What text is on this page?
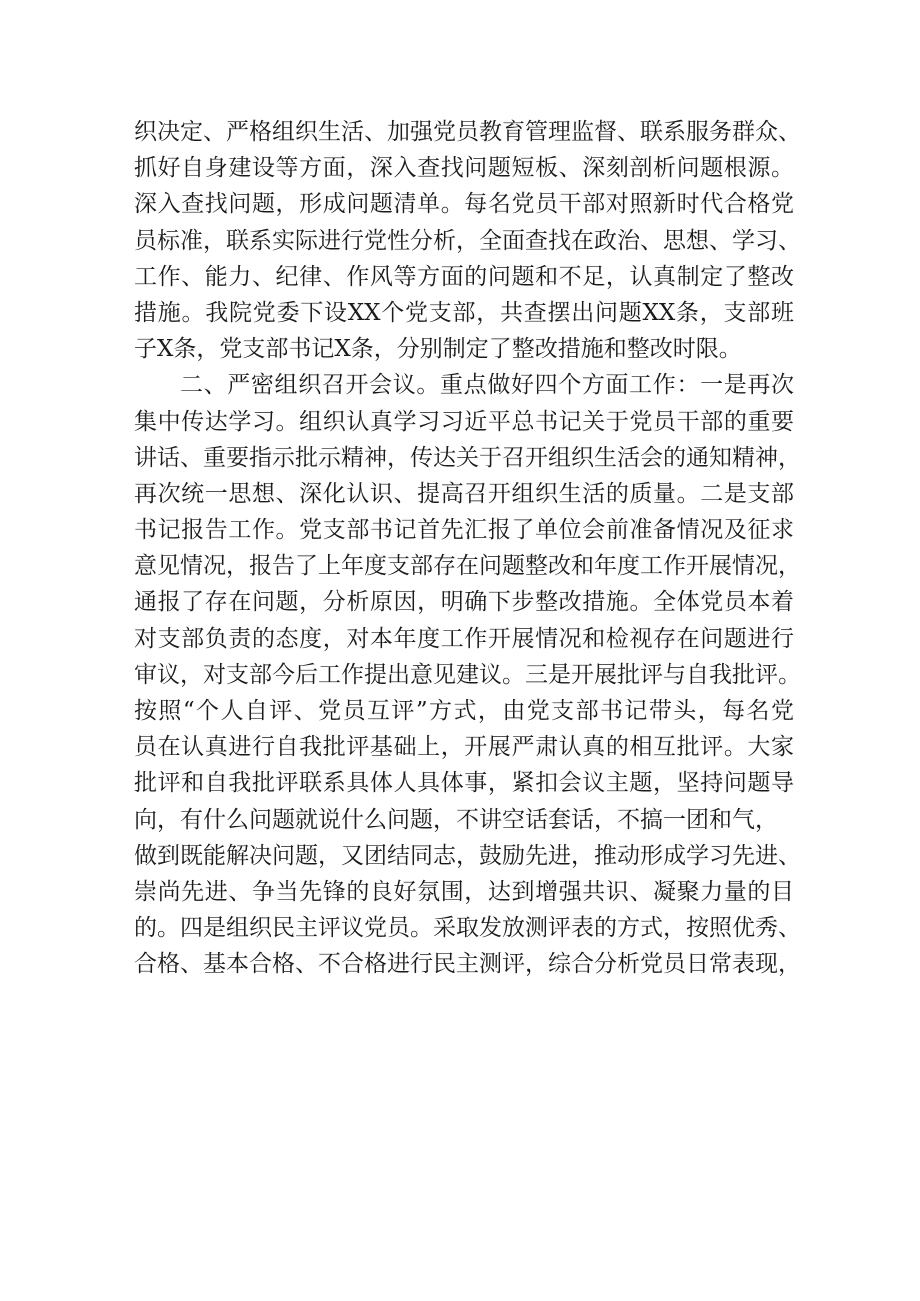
织决定、严格组织生活、加强党员教育管理监督、联系服务群众、
抓好自身建设等方面，深入查找问题短板、深刻剖析问题根源。
深入查找问题，形成问题清单。每名党员干部对照新时代合格党
员标准，联系实际进行党性分析，全面查找在政治、思想、学习、
工作、能力、纪律、作风等方面的问题和不足，认真制定了整改
措施。我院党委下设XX个党支部，共查摆出问题XX条，支部班
子X条，党支部书记X条，分别制定了整改措施和整改时限。
二、严密组织召开会议。重点做好四个方面工作：一是再次
集中传达学习。组织认真学习习近平总书记关于党员干部的重要
讲话、重要指示批示精神，传达关于召开组织生活会的通知精神，
再次统一思想、深化认识、提高召开组织生活的质量。二是支部
书记报告工作。党支部书记首先汇报了单位会前准备情况及征求
意见情况，报告了上年度支部存在问题整改和年度工作开展情况，
通报了存在问题，分析原因，明确下步整改措施。全体党员本着
对支部负责的态度，对本年度工作开展情况和检视存在问题进行
审议，对支部今后工作提出意见建议。三是开展批评与自我批评。
按照“个人自评、党员互评”方式，由党支部书记带头，每名党
员在认真进行自我批评基础上，开展严肃认真的相互批评。大家
批评和自我批评联系具体人具体事，紧扣会议主题，坚持问题导
向，有什么问题就说什么问题，不讲空话套话，不搞一团和气，
做到既能解决问题，又团结同志，鼓励先进，推动形成学习先进、
崇尚先进、争当先锋的良好氛围，达到增强共识、凝聚力量的目
的。四是组织民主评议党员。采取发放测评表的方式，按照优秀、
合格、基本合格、不合格进行民主测评，综合分析党员日常表现，
